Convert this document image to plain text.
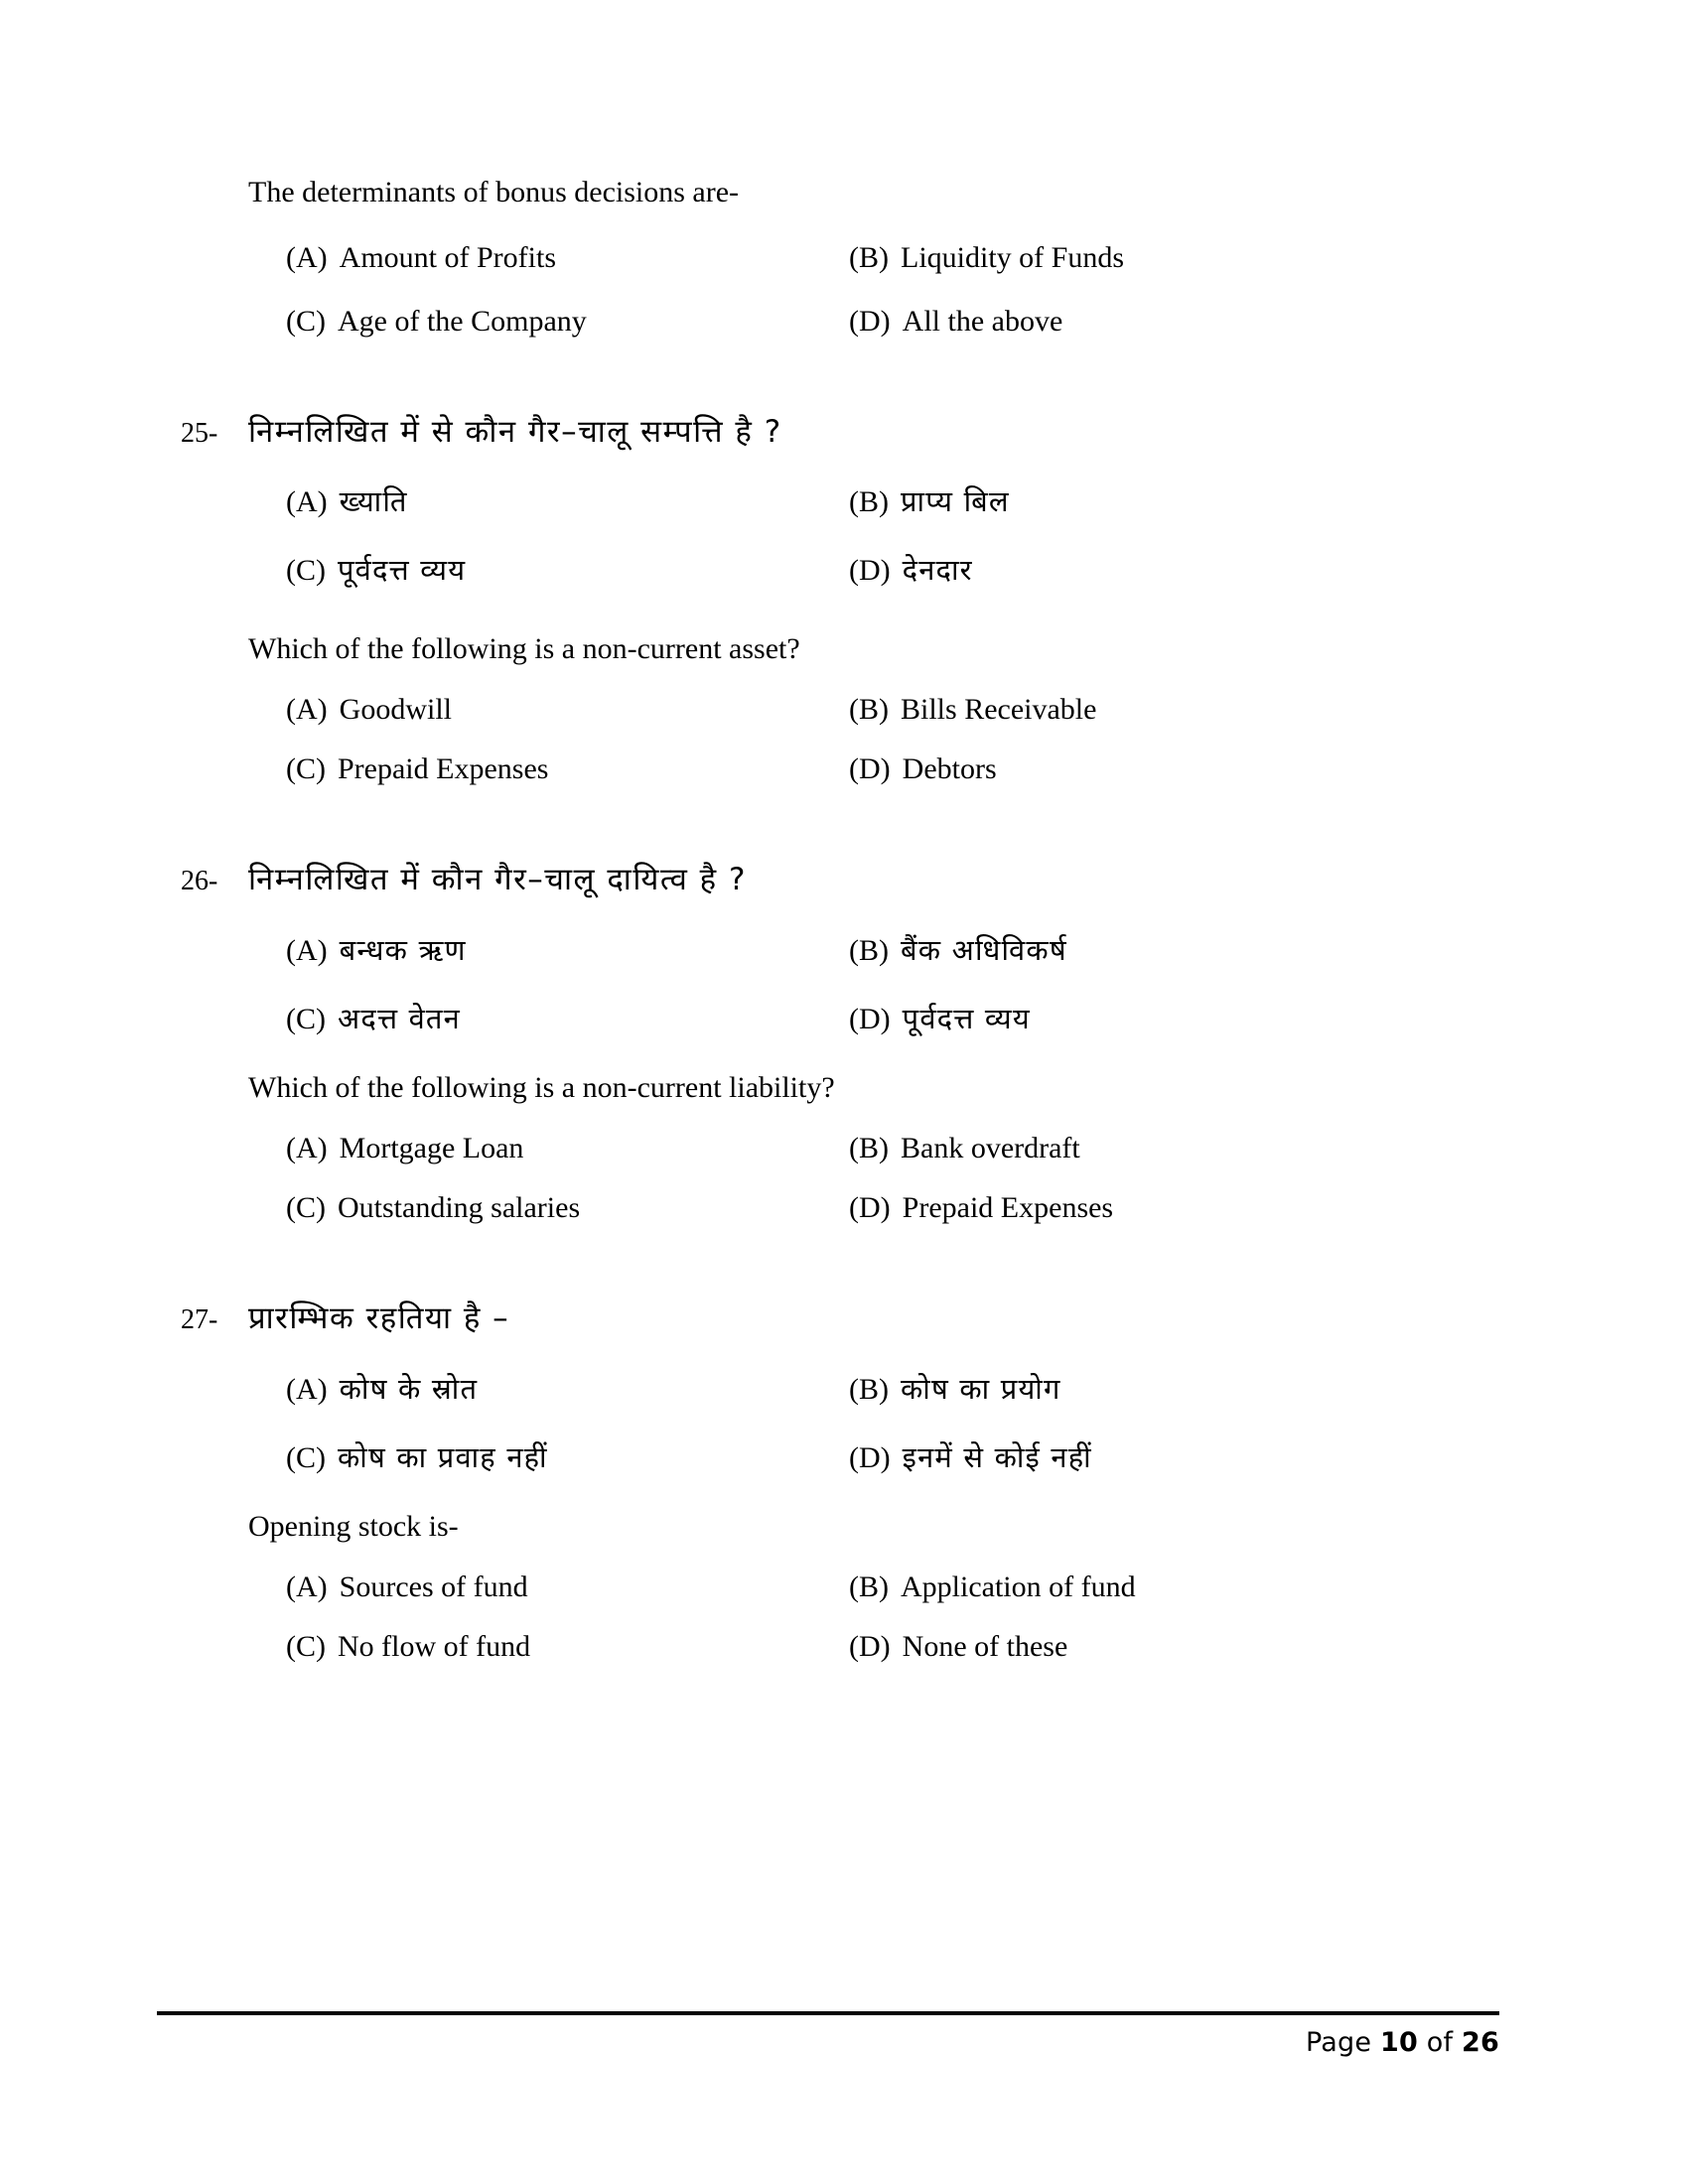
The determinants of bonus decisions are-
(A) Amount of Profits	(B) Liquidity of Funds
(C) Age of the Company	(D) All the above
25- निम्नलिखित में से कौन गैर–चालू सम्पत्ति है ?
(A) ख्याति	(B) प्राप्य बिल
(C) पूर्वदत्त व्यय	(D) देनदार
Which of the following is a non-current asset?
(A) Goodwill	(B) Bills Receivable
(C) Prepaid Expenses	(D) Debtors
26- निम्नलिखित में कौन गैर–चालू दायित्व है ?
(A) बन्धक ऋण	(B) बैंक अधिविकर्ष
(C) अदत्त वेतन	(D) पूर्वदत्त व्यय
Which of the following is a non-current liability?
(A) Mortgage Loan	(B) Bank overdraft
(C) Outstanding salaries	(D) Prepaid Expenses
27- प्रारम्भिक रहतिया है –
(A) कोष के स्रोत	(B) कोष का प्रयोग
(C) कोष का प्रवाह नहीं	(D) इनमें से कोई नहीं
Opening stock is-
(A) Sources of fund	(B) Application of fund
(C) No flow of fund	(D) None of these
Page 10 of 26
